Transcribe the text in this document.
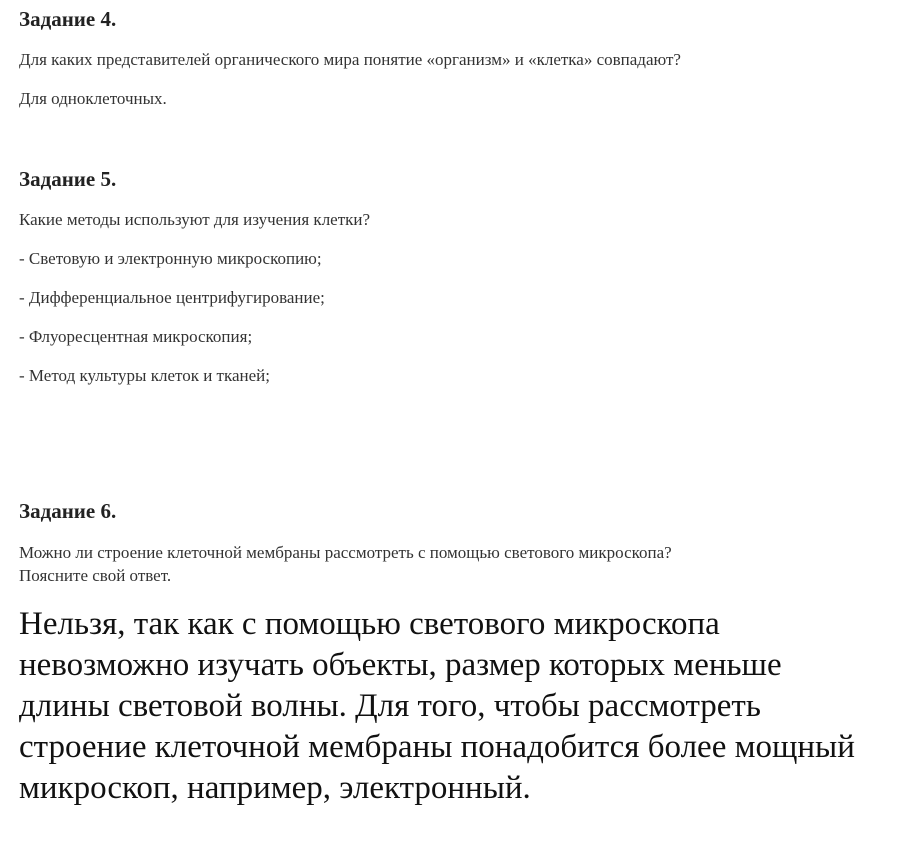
Задание 4.
Для каких представителей органического мира понятие «организм» и «клетка» совпадают?
Для одноклеточных.
Задание 5.
Какие методы используют для изучения клетки?
- Световую и электронную микроскопию;
- Дифференциальное центрифугирование;
- Флуоресцентная микроскопия;
- Метод культуры клеток и тканей;
Задание 6.
Можно ли строение клеточной мембраны рассмотреть с помощью светового микроскопа?
Поясните свой ответ.
Нельзя, так как с помощью светового микроскопа
невозможно изучать объекты, размер которых меньше
длины световой волны. Для того, чтобы рассмотреть
строение клеточной мембраны понадобится более мощный
микроскоп, например, электронный.
